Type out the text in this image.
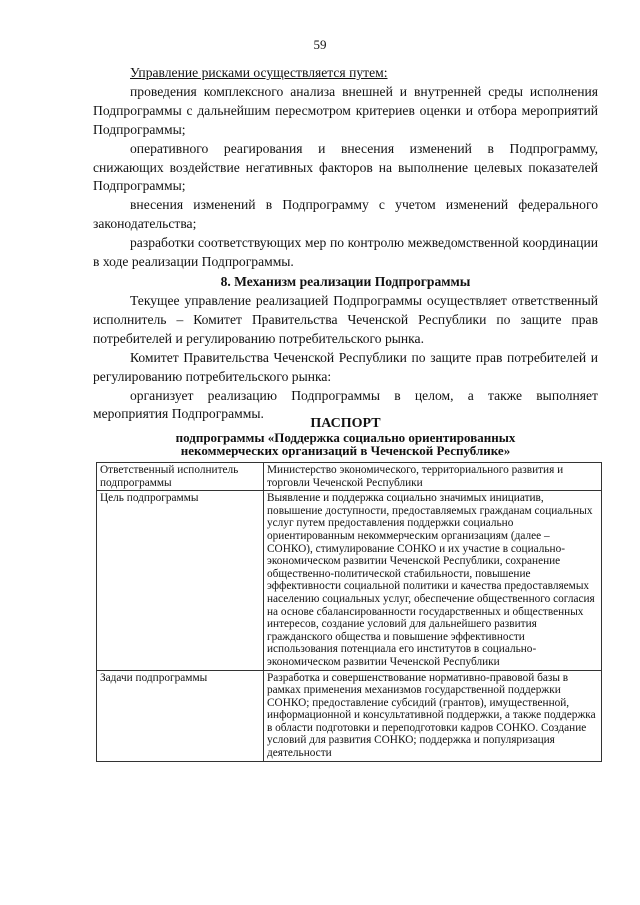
59

Управление рисками осуществляется путем:

проведения комплексного анализа внешней и внутренней среды исполнения Подпрограммы с дальнейшим пересмотром критериев оценки и отбора мероприятий Подпрограммы;

оперативного реагирования и внесения изменений в Подпрограмму, снижающих воздействие негативных факторов на выполнение целевых показателей Подпрограммы;

внесения изменений в Подпрограмму с учетом изменений федерального законодательства;

разработки соответствующих мер по контролю межведомственной координации в ходе реализации Подпрограммы.

8. Механизм реализации Подпрограммы

Текущее управление реализацией Подпрограммы осуществляет ответственный исполнитель – Комитет Правительства Чеченской Республики по защите прав потребителей и регулированию потребительского рынка.

Комитет Правительства Чеченской Республики по защите прав потребителей и регулированию потребительского рынка:

организует реализацию Подпрограммы в целом, а также выполняет мероприятия Подпрограммы.

ПАСПОРТ
подпрограммы «Поддержка социально ориентированных
некоммерческих организаций в Чеченской Республике»
Ответственный исполнитель подпрограммы	Министерство экономического, территориального развития и торговли Чеченской Республики
Цель подпрограммы	Выявление и поддержка социально значимых инициатив, повышение доступности, предоставляемых гражданам социальных услуг путем предоставления поддержки социально ориентированным некоммерческим организациям (далее – СОНКО), стимулирование СОНКО и их участие в социально-экономическом развитии Чеченской Республики, сохранение общественно-политической стабильности, повышение эффективности социальной политики и качества предоставляемых населению социальных услуг, обеспечение общественного согласия на основе сбалансированности государственных и общественных интересов, создание условий для дальнейшего развития гражданского общества и повышение эффективности использования потенциала его институтов в социально-экономическом развитии Чеченской Республики
Задачи подпрограммы	Разработка и совершенствование нормативно-правовой базы в рамках применения механизмов государственной поддержки СОНКО; предоставление субсидий (грантов), имущественной, информационной и консультативной поддержки, а также поддержка в области подготовки и переподготовки кадров СОНКО. Создание условий для развития СОНКО; поддержка и популяризация деятельности
